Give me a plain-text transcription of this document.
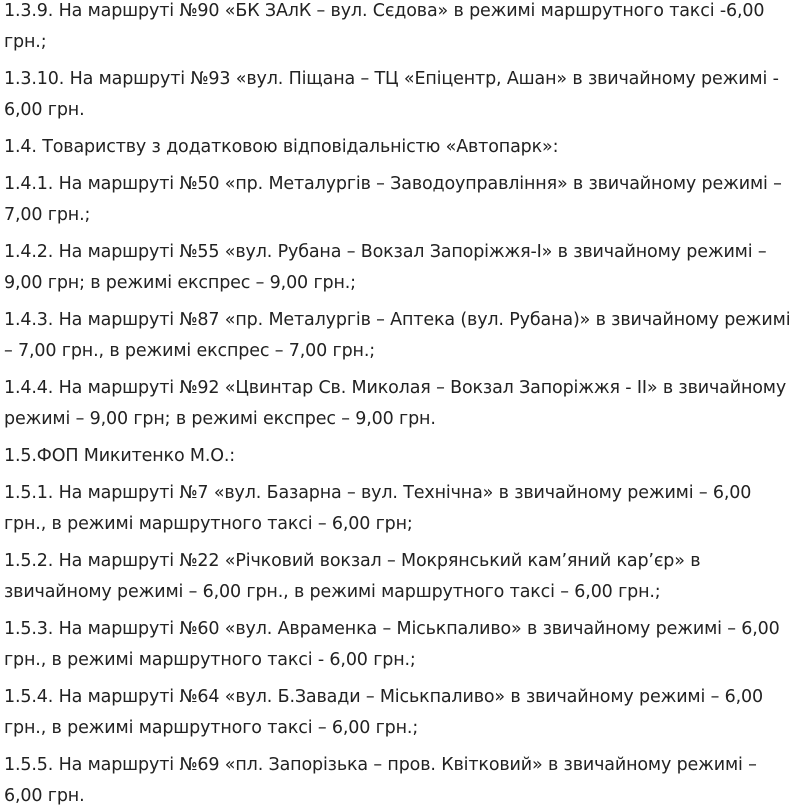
1.3.9. На маршруті №90 «БК ЗАлК – вул. Сєдова» в режимі маршрутного таксі -6,00 грн.;

1.3.10. На маршруті №93 «вул. Піщана – ТЦ «Епіцентр, Ашан» в звичайному режимі - 6,00 грн.

1.4. Товариству з додатковою відповідальністю «Автопарк»:

1.4.1. На маршруті №50 «пр. Металургів – Заводоуправління» в звичайному режимі – 7,00 грн.;

1.4.2. На маршруті №55 «вул. Рубана – Вокзал Запоріжжя-І» в звичайному режимі – 9,00 грн; в режимі експрес – 9,00 грн.;

1.4.3. На маршруті №87 «пр. Металургів – Аптека (вул. Рубана)» в звичайному режимі – 7,00 грн., в режимі експрес – 7,00 грн.;

1.4.4. На маршруті №92 «Цвинтар Св. Миколая – Вокзал Запоріжжя - ІІ» в звичайному режимі – 9,00 грн; в режимі експрес – 9,00 грн.

1.5.ФОП Микитенко М.О.:

1.5.1. На маршруті №7 «вул. Базарна – вул. Технічна» в звичайному режимі – 6,00 грн., в режимі маршрутного таксі – 6,00 грн;

1.5.2. На маршруті №22 «Річковий вокзал – Мокрянський кам’яний кар’єр» в звичайному режимі – 6,00 грн., в режимі маршрутного таксі – 6,00 грн.;

1.5.3. На маршруті №60 «вул. Авраменка – Міськпаливо» в звичайному режимі – 6,00 грн., в режимі маршрутного таксі - 6,00 грн.;

1.5.4. На маршруті №64 «вул. Б.Завади – Міськпаливо» в звичайному режимі – 6,00 грн., в режимі маршрутного таксі – 6,00 грн.;

1.5.5. На маршруті №69 «пл. Запорізька – пров. Квітковий» в звичайному режимі – 6,00 грн.
